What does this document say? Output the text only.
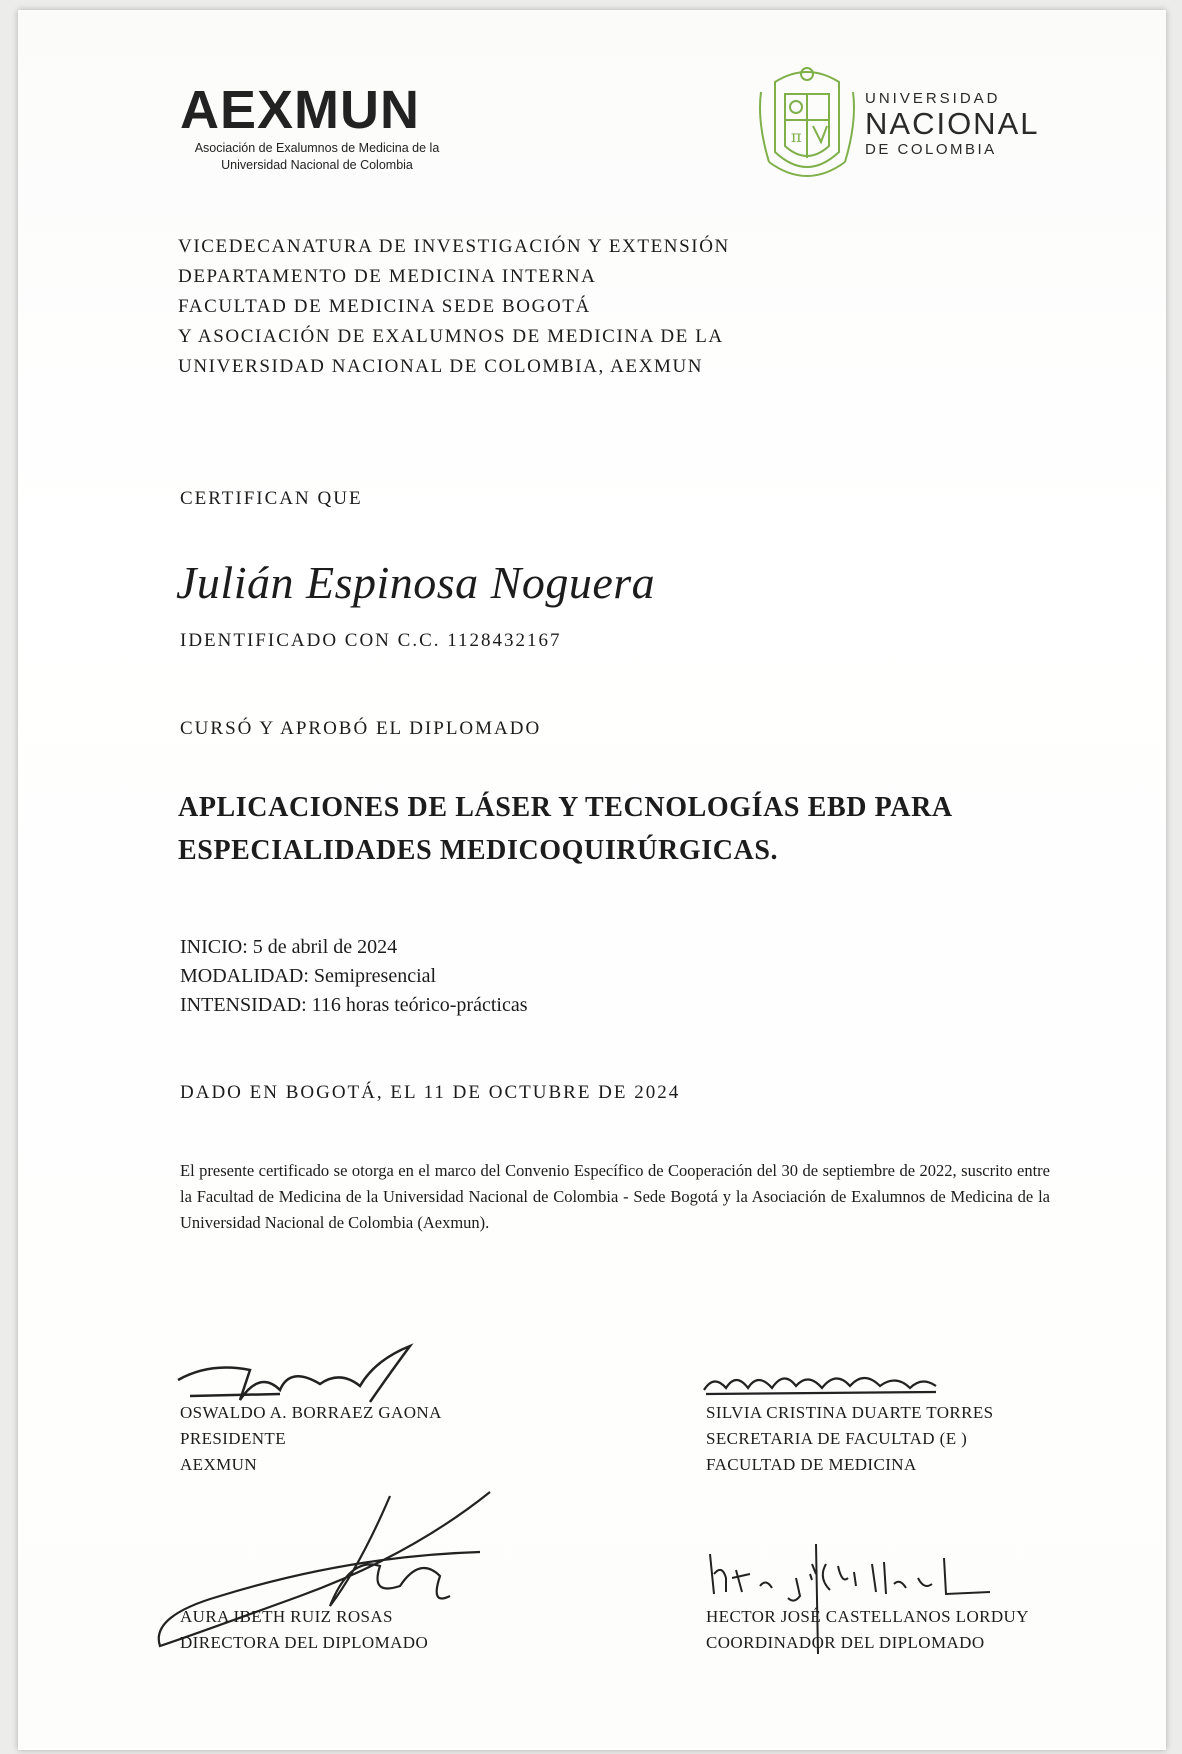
AEXMUN
Asociación de Exalumnos de Medicina de la
Universidad Nacional de Colombia
π
UNIVERSIDAD
NACIONAL
DE COLOMBIA
VICEDECANATURA DE INVESTIGACIÓN Y EXTENSIÓN
DEPARTAMENTO DE MEDICINA INTERNA
FACULTAD DE MEDICINA SEDE BOGOTÁ
Y ASOCIACIÓN DE EXALUMNOS DE MEDICINA DE LA
UNIVERSIDAD NACIONAL DE COLOMBIA, AEXMUN
CERTIFICAN QUE
Julián Espinosa Noguera
IDENTIFICADO CON C.C. 1128432167
CURSÓ Y APROBÓ EL DIPLOMADO
APLICACIONES DE LÁSER Y TECNOLOGÍAS EBD PARA
ESPECIALIDADES MEDICOQUIRÚRGICAS.
INICIO: 5 de abril de 2024
MODALIDAD: Semipresencial
INTENSIDAD: 116 horas teórico-prácticas
DADO EN BOGOTÁ, EL 11 DE OCTUBRE DE 2024
El presente certificado se otorga en el marco del Convenio Específico de Cooperación del 30 de septiembre de 2022, suscrito entre la Facultad de Medicina de la Universidad Nacional de Colombia - Sede Bogotá y la Asociación de Exalumnos de Medicina de la Universidad Nacional de Colombia (Aexmun).
OSWALDO A. BORRAEZ GAONA
PRESIDENTE
AEXMUN
SILVIA CRISTINA DUARTE TORRES
SECRETARIA DE FACULTAD (E )
FACULTAD DE MEDICINA
AURA IBETH RUIZ ROSAS
DIRECTORA DEL DIPLOMADO
HECTOR JOSÉ CASTELLANOS LORDUY
COORDINADOR DEL DIPLOMADO
